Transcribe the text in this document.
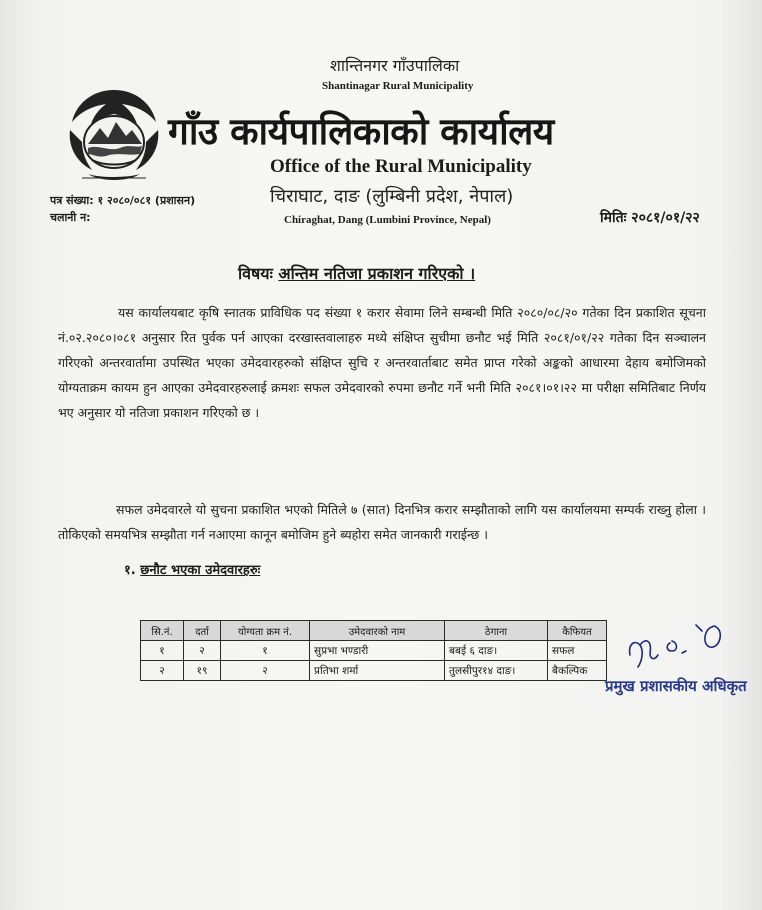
शान्तिनगर गाँउपालिका
Shantinagar Rural Municipality
गाँउ कार्यपालिकाको कार्यालय
Office of the Rural Municipality
चिराघाट, दाङ (लुम्बिनी प्रदेश, नेपाल)
Chiraghat, Dang (Lumbini Province, Nepal)
पत्र संख्या: १ २०८०/०८१ (प्रशासन)
चलानी न:	मितिः २०८१/०१/२२
विषयः अन्तिम नतिजा प्रकाशन गरिएको ।
यस कार्यालयबाट कृषि स्नातक प्राविधिक पद संख्या १ करार सेवामा लिने सम्बन्धी मिति २०८०/०८/२० गतेका दिन प्रकाशित सूचना नं.०२.२०८०।०८१ अनुसार रित पुर्वक पर्न आएका दरखास्तवालाहरु मध्ये संक्षिप्त सुचीमा छनौट भई मिति २०८१/०१/२२ गतेका दिन सञ्चालन गरिएको अन्तरवार्तामा उपस्थित भएका उमेदवारहरुको संक्षिप्त सुचि र अन्तरवार्ताबाट समेत प्राप्त गरेको अङ्कको आधारमा देहाय बमोजिमको योग्यताक्रम कायम हुन आएका उमेदवारहरुलाई क्रमशः सफल उमेदवारको रुपमा छनौट गर्ने भनी मिति २०८१।०१।२२ मा परीक्षा समितिबाट निर्णय भए अनुसार यो नतिजा प्रकाशन गरिएको छ ।
सफल उमेदवारले यो सुचना प्रकाशित भएको मितिले ७ (सात) दिनभित्र करार सम्झौताको लागि यस कार्यालयमा सम्पर्क राख्नु होला । तोकिएको समयभित्र सम्झौता गर्न नआएमा कानून बमोजिम हुने ब्यहोरा समेत जानकारी गराईन्छ ।
१. छनौट भएका उमेदवारहरुः
सि.नं.	दर्ता	योग्यता क्रम नं.	उमेदवारको नाम	ठेगाना	कैफियत
१	२	१	सुप्रभा भण्डारी	बबई ६ दाङ।	सफल
२	१९	२	प्रतिभा शर्मा	तुलसीपुर१४ दाङ।	बैकल्पिक
प्रमुख प्रशासकीय अधिकृत
